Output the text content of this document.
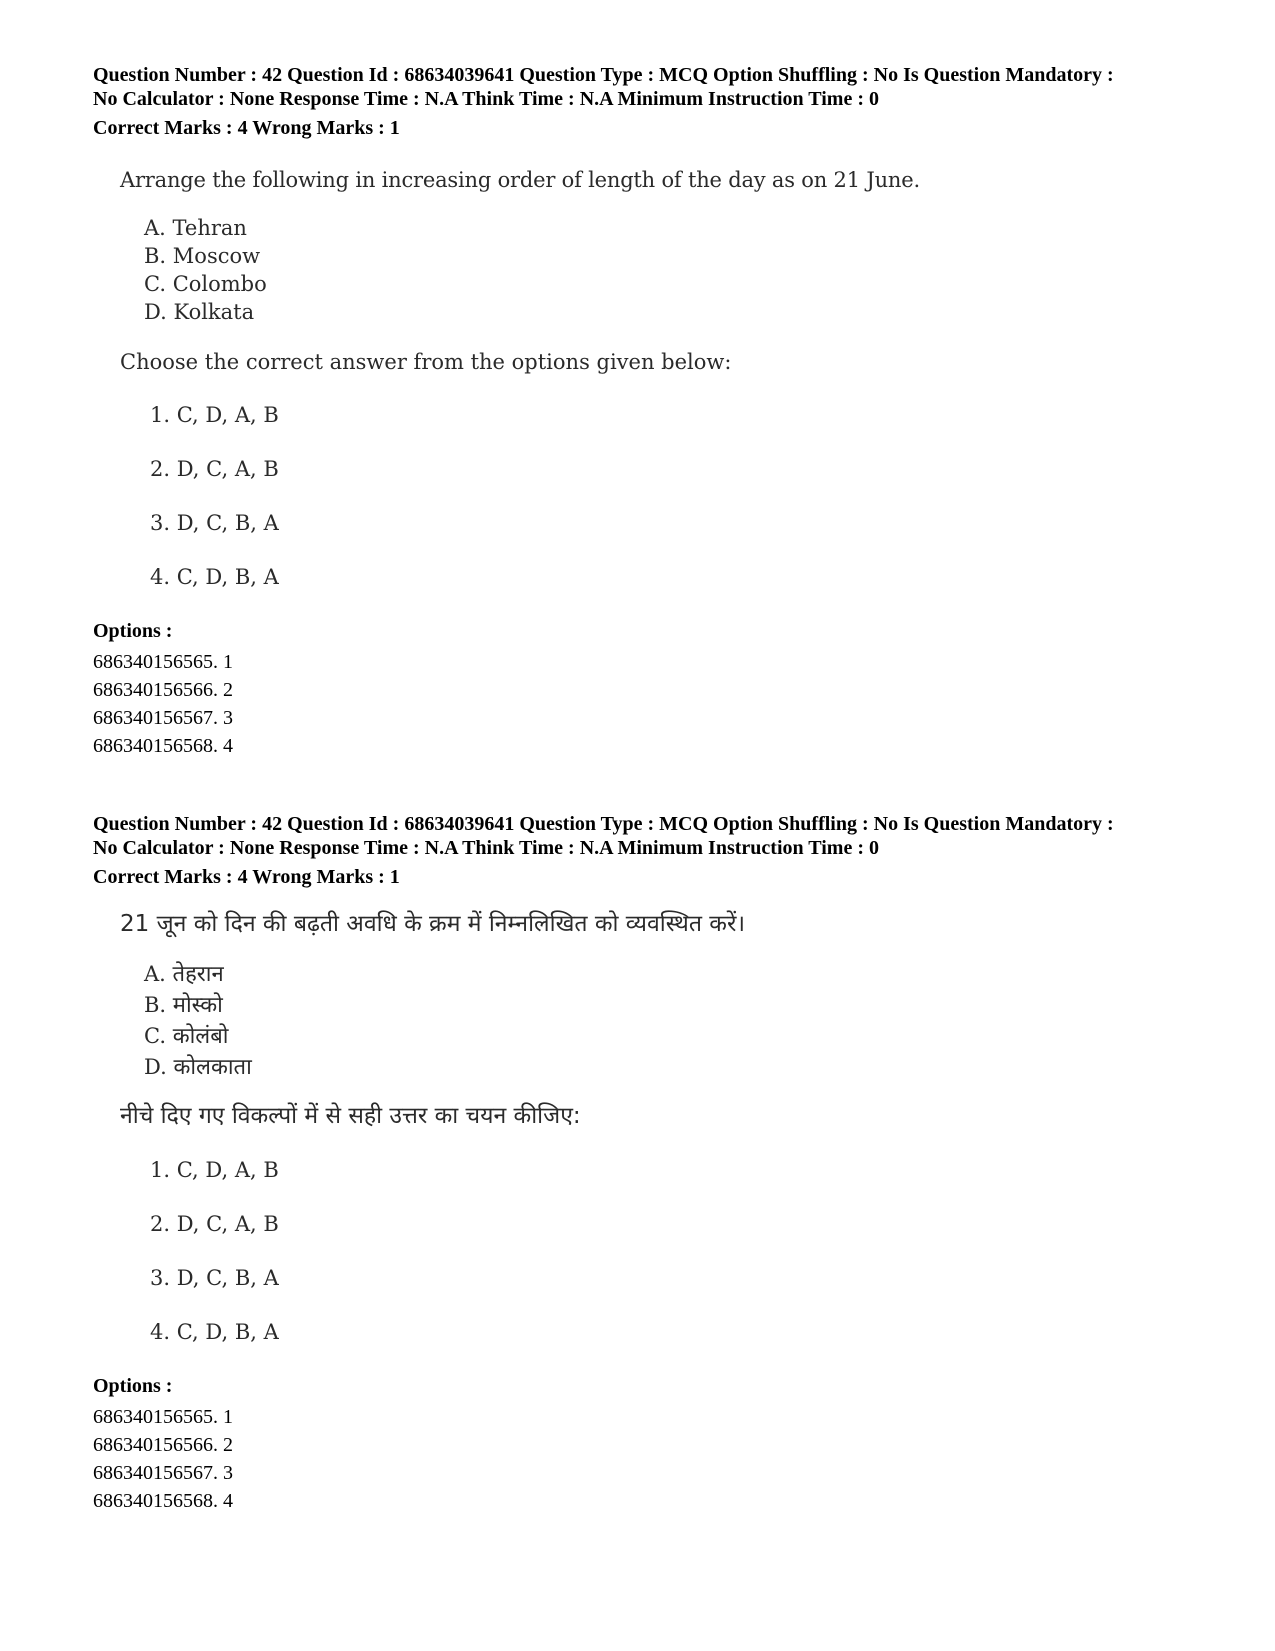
Question Number : 42 Question Id : 68634039641 Question Type : MCQ Option Shuffling : No Is Question Mandatory :

No Calculator : None Response Time : N.A Think Time : N.A Minimum Instruction Time : 0

Correct Marks : 4 Wrong Marks : 1

Arrange the following in increasing order of length of the day as on 21 June.
A. Tehran
B. Moscow
C. Colombo
D. Kolkata
Choose the correct answer from the options given below:
1. C, D, A, B
2. D, C, A, B
3. D, C, B, A
4. C, D, B, A
Options :
686340156565. 1
686340156566. 2
686340156567. 3
686340156568. 4

Question Number : 42 Question Id : 68634039641 Question Type : MCQ Option Shuffling : No Is Question Mandatory :

No Calculator : None Response Time : N.A Think Time : N.A Minimum Instruction Time : 0

Correct Marks : 4 Wrong Marks : 1

21 जून को दिन की बढ़ती अवधि के क्रम में निम्नलिखित को व्यवस्थित करें।
A. तेहरान
B. मोस्को
C. कोलंबो
D. कोलकाता
नीचे दिए गए विकल्पों में से सही उत्तर का चयन कीजिए:
1. C, D, A, B
2. D, C, A, B
3. D, C, B, A
4. C, D, B, A
Options :
686340156565. 1
686340156566. 2
686340156567. 3
686340156568. 4
